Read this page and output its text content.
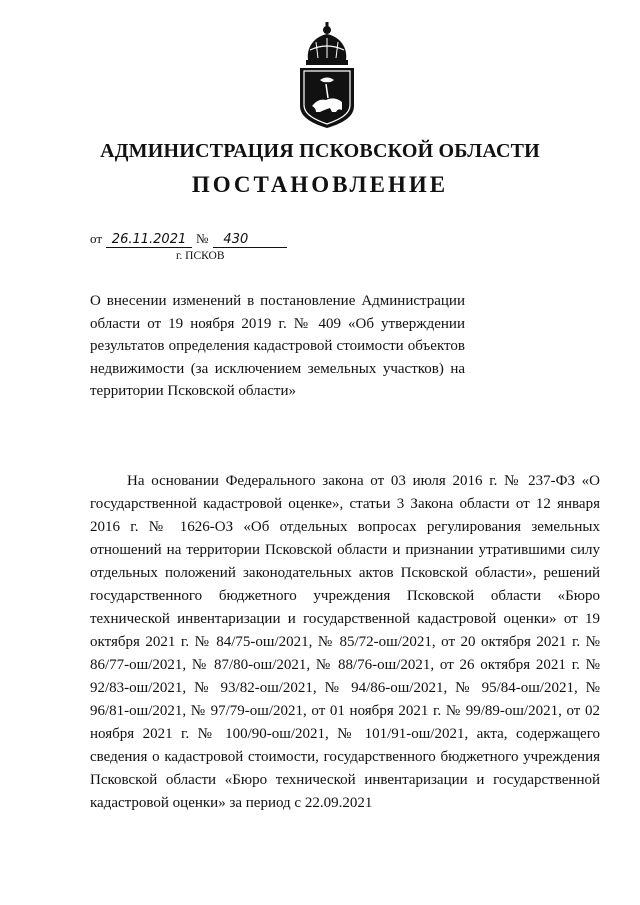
АДМИНИСТРАЦИЯ ПСКОВСКОЙ ОБЛАСТИ
ПОСТАНОВЛЕНИЕ
от 26.11.2021 №	430
г. ПСКОВ
О внесении изменений в постановление Администрации области от 19 ноября 2019 г. № 409 «Об утверждении результатов определения кадастровой стоимости объектов недвижимости (за исключением земельных участков) на территории Псковской области»
На основании Федерального закона от 03 июля 2016 г. № 237-ФЗ «О государственной кадастровой оценке», статьи 3 Закона области от 12 января 2016 г. № 1626-ОЗ «Об отдельных вопросах регулирования земельных отношений на территории Псковской области и признании утратившими силу отдельных положений законодательных актов Псковской области», решений государственного бюджетного учреждения Псковской области «Бюро технической инвентаризации и государственной кадастровой оценки» от 19 октября 2021 г. № 84/75-ош/2021, № 85/72-ош/2021, от 20 октября 2021 г. № 86/77-ош/2021, № 87/80-ош/2021, № 88/76-ош/2021, от 26 октября 2021 г. № 92/83-ош/2021, № 93/82-ош/2021, № 94/86-ош/2021, № 95/84-ош/2021, № 96/81-ош/2021, № 97/79-ош/2021, от 01 ноября 2021 г. № 99/89-ош/2021, от 02 ноября 2021 г. № 100/90-ош/2021, № 101/91-ош/2021, акта, содержащего сведения о кадастровой стоимости, государственного бюджетного учреждения Псковской области «Бюро технической инвентаризации и государственной кадастровой оценки» за период с 22.09.2021
